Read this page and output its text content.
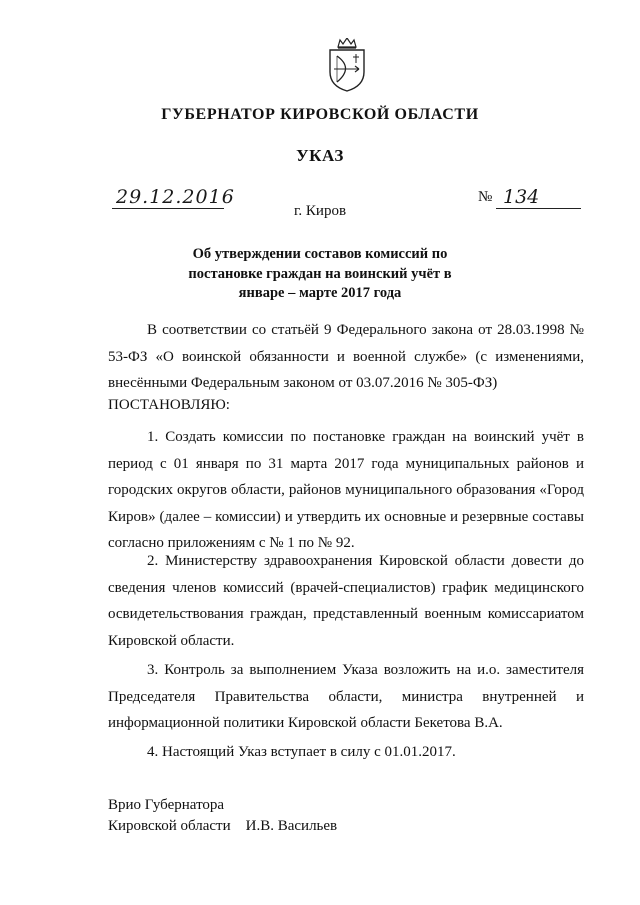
ГУБЕРНАТОР КИРОВСКОЙ ОБЛАСТИ
УКАЗ
29.12.2016	№ 134
г. Киров
Об утверждении составов комиссий по постановке граждан на воинский учёт в январе – марте 2017 года

В соответствии со статьёй 9 Федерального закона от 28.03.1998 № 53-ФЗ «О воинской обязанности и военной службе» (с изменениями, внесёнными Федеральным законом от 03.07.2016 № 305-ФЗ)

ПОСТАНОВЛЯЮ:

1. Создать комиссии по постановке граждан на воинский учёт в период с 01 января по 31 марта 2017 года муниципальных районов и городских округов области, районов муниципального образования «Город Киров» (далее – комиссии) и утвердить их основные и резервные составы согласно приложениям с № 1 по № 92.

2. Министерству здравоохранения Кировской области довести до сведения членов комиссий (врачей-специалистов) график медицинского освидетельствования граждан, представленный военным комиссариатом Кировской области.

3. Контроль за выполнением Указа возложить на и.о. заместителя Председателя Правительства области, министра внутренней и информационной политики Кировской области Бекетова В.А.

4. Настоящий Указ вступает в силу с 01.01.2017.

Врио Губернатора
Кировской области И.В. Васильев
